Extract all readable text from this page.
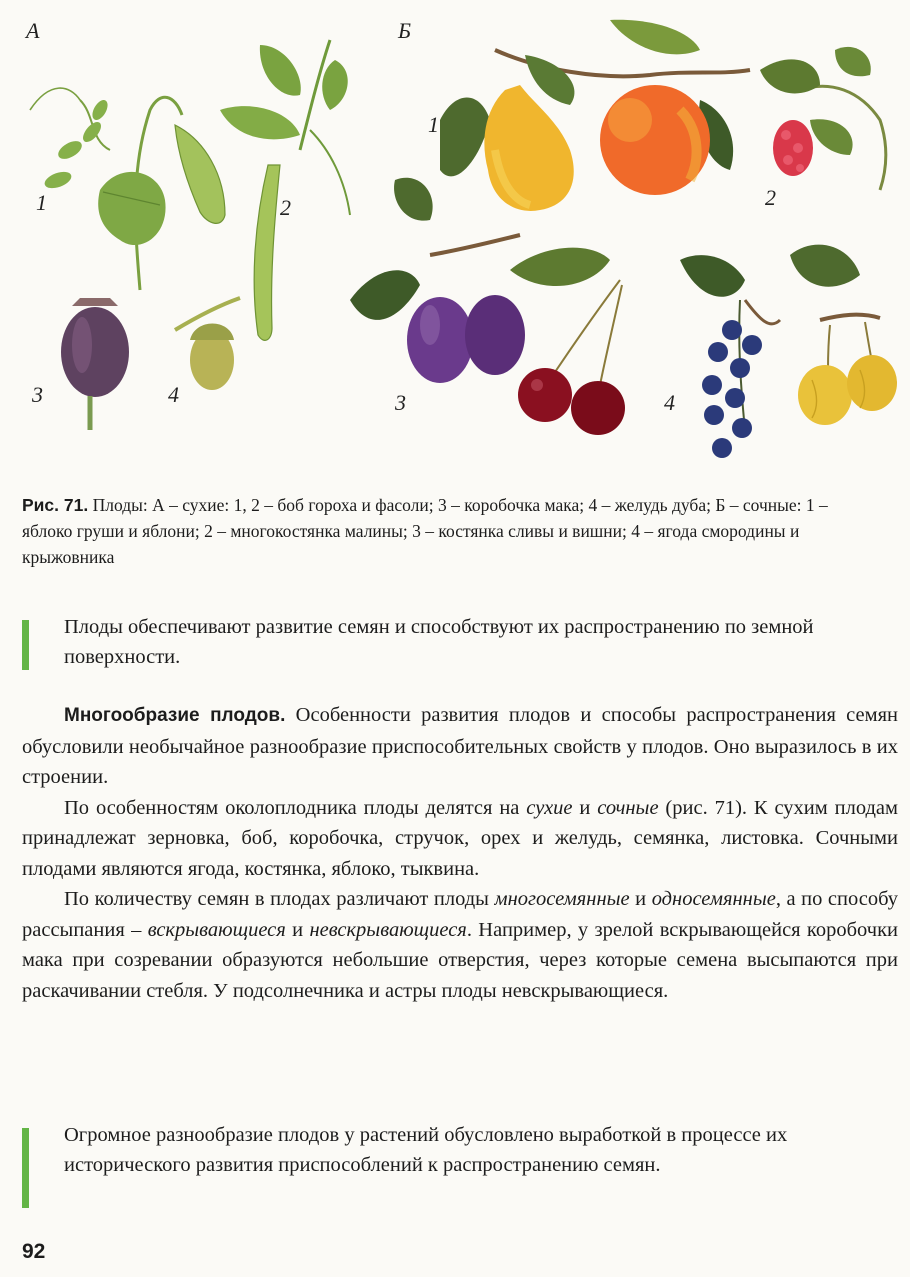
А	Б
1	2
3	4
1
2
3	4
Рис. 71. Плоды: А – сухие: 1, 2 – боб гороха и фасоли; 3 – коробочка мака; 4 – желудь дуба; Б – сочные: 1 – яблоко груши и яблони; 2 – многокостянка малины; 3 – костянка сливы и вишни; 4 – ягода смородины и крыжовника
Плоды обеспечивают развитие семян и способствуют их распространению по земной поверхности.

Многообразие плодов. Особенности развития плодов и способы распространения семян обусловили необычайное разнообразие приспособительных свойств у плодов. Оно выразилось в их строении.

По особенностям околоплодника плоды делятся на сухие и сочные (рис. 71). К сухим плодам принадлежат зерновка, боб, коробочка, стручок, орех и желудь, семянка, листовка. Сочными плодами являются ягода, костянка, яблоко, тыквина.

По количеству семян в плодах различают плоды многосемянные и односемянные, а по способу рассыпания – вскрывающиеся и невскрывающиеся. Например, у зрелой вскрывающейся коробочки мака при созревании образуются небольшие отверстия, через которые семена высыпаются при раскачивании стебля. У подсолнечника и астры плоды невскрывающиеся.

Огромное разнообразие плодов у растений обусловлено выработкой в процессе их исторического развития приспособлений к распространению семян.
92
